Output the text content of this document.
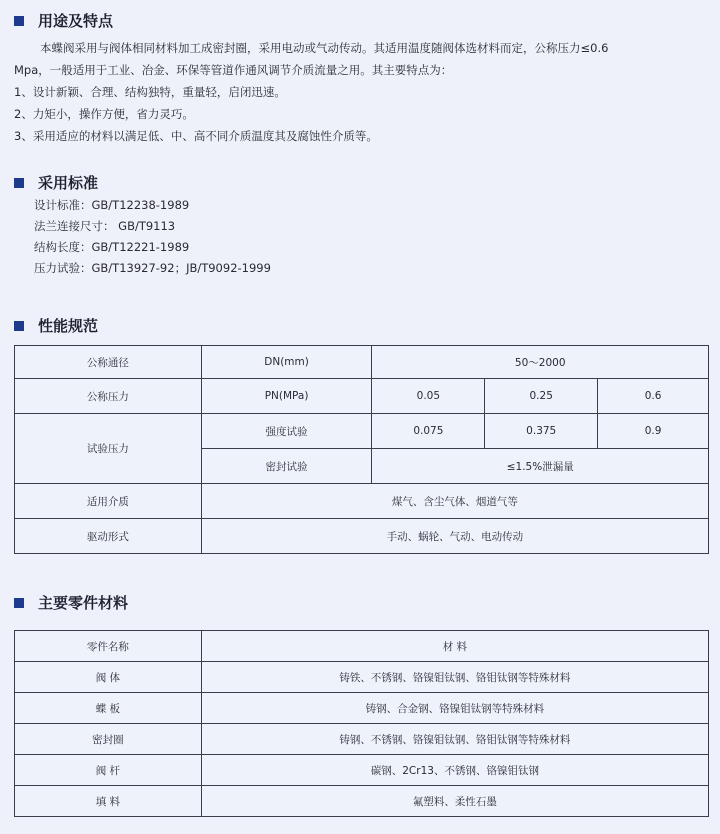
用途及特点
本蝶阀采用与阀体相同材料加工成密封圈，采用电动或气动传动。其适用温度随阀体选材料而定，公称压力≤0.6
Mpa，一般适用于工业、冶金、环保等管道作通风调节介质流量之用。其主要特点为：
1、设计新颖、合理、结构独特，重量轻，启闭迅速。
2、力矩小，操作方便，省力灵巧。
3、采用适应的材料以满足低、中、高不同介质温度其及腐蚀性介质等。
采用标准
设计标准：GB/T12238-1989
法兰连接尺寸： GB/T9113
结构长度：GB/T12221-1989
压力试验：GB/T13927-92；JB/T9092-1999
性能规范
公称通径	DN(mm)	50～2000		
公称压力	PN(MPa)	0.05	0.25	0.6
试验压力	强度试验	0.075	0.375	0.9
	密封试验	≤1.5%泄漏量		
适用介质	煤气、含尘气体、烟道气等			
驱动形式	手动、蜗轮、气动、电动传动			
主要零件材料
零件名称	材 料
阀 体	铸铁、不锈钢、铬镍钼钛钢、铬钼钛钢等特殊材料
蝶 板	铸钢、合金钢、铬镍钼钛钢等特殊材料
密封圈	铸钢、不锈钢、铬镍钼钛钢、铬钼钛钢等特殊材料
阀 杆	碳钢、2Cr13、不锈钢、铬镍钼钛钢
填 料	氟塑料、柔性石墨
